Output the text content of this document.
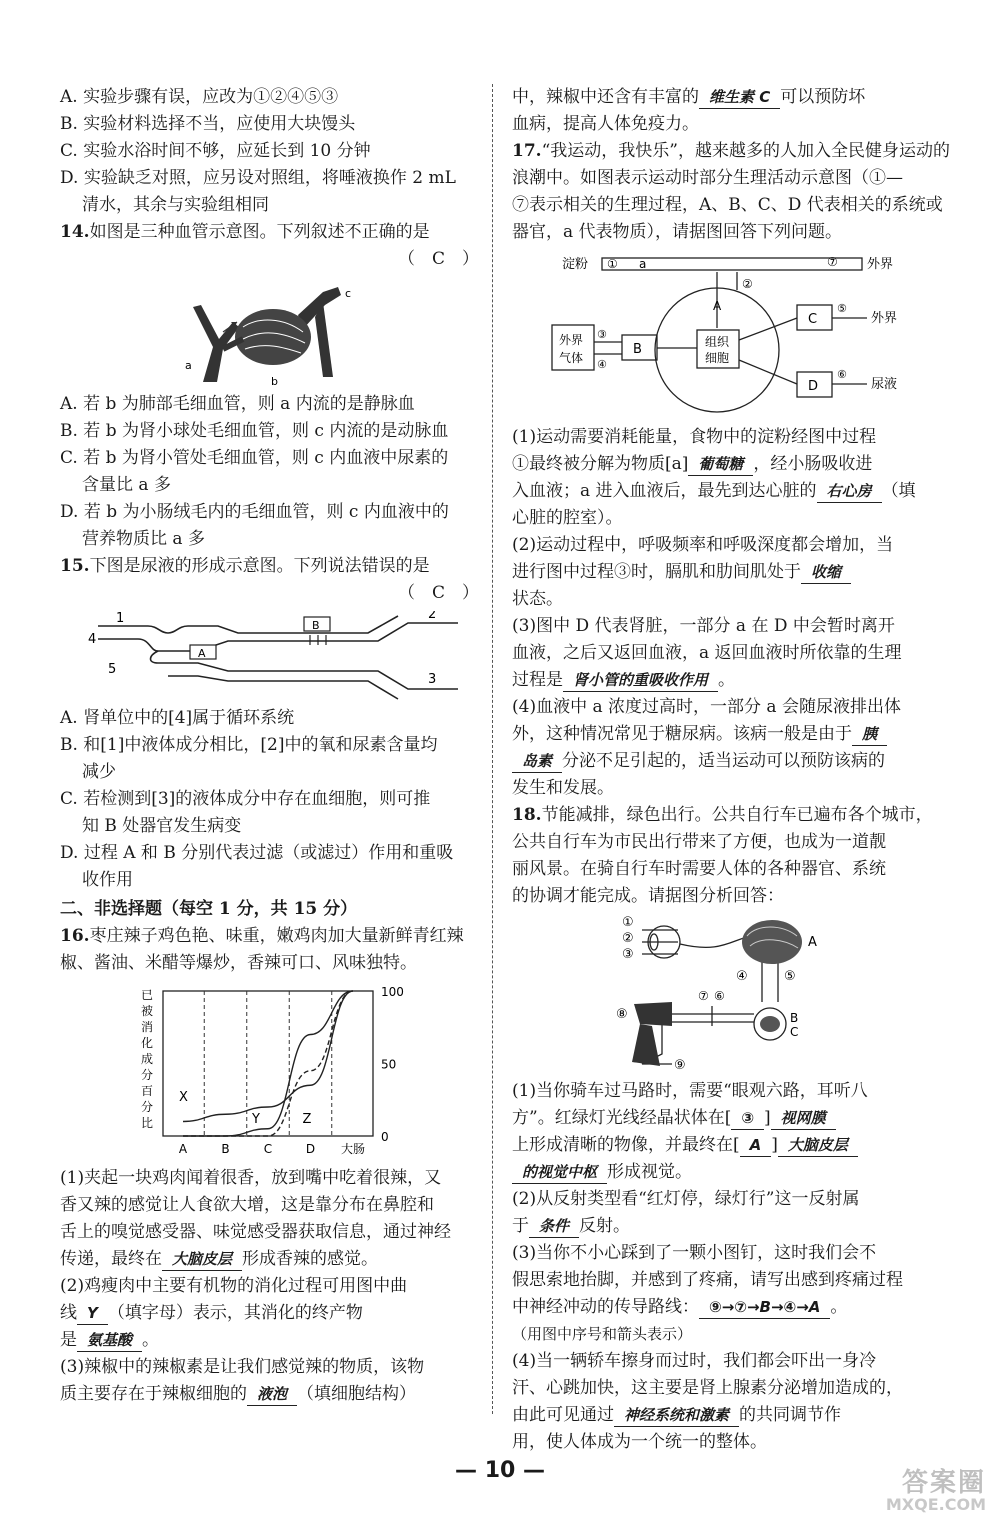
A. 实验步骤有误，应改为①②④⑤③

B. 实验材料选择不当，应使用大块馒头

C. 实验水浴时间不够，应延长到 10 分钟

D. 实验缺乏对照，应另设对照组，将唾液换作 2 mL

清水，其余与实验组相同

14.如图是三种血管示意图。下列叙述不正确的是

（　C　）

a
b
c

A. 若 b 为肺部毛细血管，则 a 内流的是静脉血

B. 若 b 为肾小球处毛细血管，则 c 内流的是动脉血

C. 若 b 为肾小管处毛细血管，则 c 内血液中尿素的

含量比 a 多

D. 若 b 为小肠绒毛内的毛细血管，则 c 内血液中的

营养物质比 a 多

15.下图是尿液的形成示意图。下列说法错误的是

（　C　）

1	2
3
4
5
A
B

A. 肾单位中的[4]属于循环系统

B. 和[1]中液体成分相比，[2]中的氧和尿素含量均

减少

C. 若检测到[3]的液体成分中存在血细胞，则可推

知 B 处器官发生病变

D. 过程 A 和 B 分别代表过滤（或滤过）作用和重吸

收作用

二、非选择题（每空 1 分，共 15 分）

16.枣庄辣子鸡色艳、味重，嫩鸡肉加大量新鲜青红辣

椒、酱油、米醋等爆炒，香辣可口、风味独特。

已被消化成分百分比
A	B	C	D 大肠
100
50
0
X
Y	Z

(1)夹起一块鸡肉闻着很香，放到嘴中吃着很辣，又

香又辣的感觉让人食欲大增，这是靠分布在鼻腔和

舌上的嗅觉感受器、味觉感受器获取信息，通过神经

传递，最终在 大脑皮层 形成香辣的感觉。

(2)鸡瘦肉中主要有机物的消化过程可用图中曲

线 Y （填字母）表示，其消化的终产物

是 氨基酸 。

(3)辣椒中的辣椒素是让我们感觉辣的物质，该物

质主要存在于辣椒细胞的 液泡 （填细胞结构）

中，辣椒中还含有丰富的 维生素 C 可以预防坏

血病，提高人体免疫力。

17.“我运动，我快乐”，越来越多的人加入全民健身运动的

浪潮中。如图表示运动时部分生理活动示意图（①—

⑦表示相关的生理过程，A、B、C、D 代表相关的系统或

器官，a 代表物质），请据图回答下列问题。

淀粉 ① a	⑦ 外界
②
A
外界
气体
③
④
B	组织
细胞
C
D
⑤
⑥
外界
尿液

(1)运动需要消耗能量，食物中的淀粉经图中过程

①最终被分解为物质[a] 葡萄糖 ，经小肠吸收进

入血液；a 进入血液后，最先到达心脏的 右心房 （填

心脏的腔室）。

(2)运动过程中，呼吸频率和呼吸深度都会增加，当

进行图中过程③时，膈肌和肋间肌处于 收缩

状态。

(3)图中 D 代表肾脏，一部分 a 在 D 中会暂时离开

血液，之后又返回血液，a 返回血液时所依靠的生理

过程是 肾小管的重吸收作用 。

(4)血液中 a 浓度过高时，一部分 a 会随尿液排出体

外，这种情况常见于糖尿病。该病一般是由于 胰

岛素 分泌不足引起的，适当运动可以预防该病的

发生和发展。

18.节能减排，绿色出行。公共自行车已遍布各个城市，

公共自行车为市民出行带来了方便，也成为一道靓

丽风景。在骑自行车时需要人体的各种器官、系统

的协调才能完成。请据图分析回答：

①
②
③
A
④	⑤
⑦ ⑥
B
C
⑧
⑨

(1)当你骑车过马路时，需要“眼观六路，耳听八

方”。红绿灯光线经晶状体在[ ③ ] 视网膜

上形成清晰的物像，并最终在[ A ] 大脑皮层

的视觉中枢 形成视觉。

(2)从反射类型看“红灯停，绿灯行”这一反射属

于 条件 反射。

(3)当你不小心踩到了一颗小图钉，这时我们会不

假思索地抬脚，并感到了疼痛，请写出感到疼痛过程

中神经冲动的传导路线： ⑨→⑦→B→④→A 。

（用图中序号和箭头表示）

(4)当一辆轿车擦身而过时，我们都会吓出一身冷

汗、心跳加快，这主要是肾上腺素分泌增加造成的，

由此可见通过 神经系统和激素 的共同调节作

用，使人体成为一个统一的整体。

— 10 —	答案圈
MXQE.COM
